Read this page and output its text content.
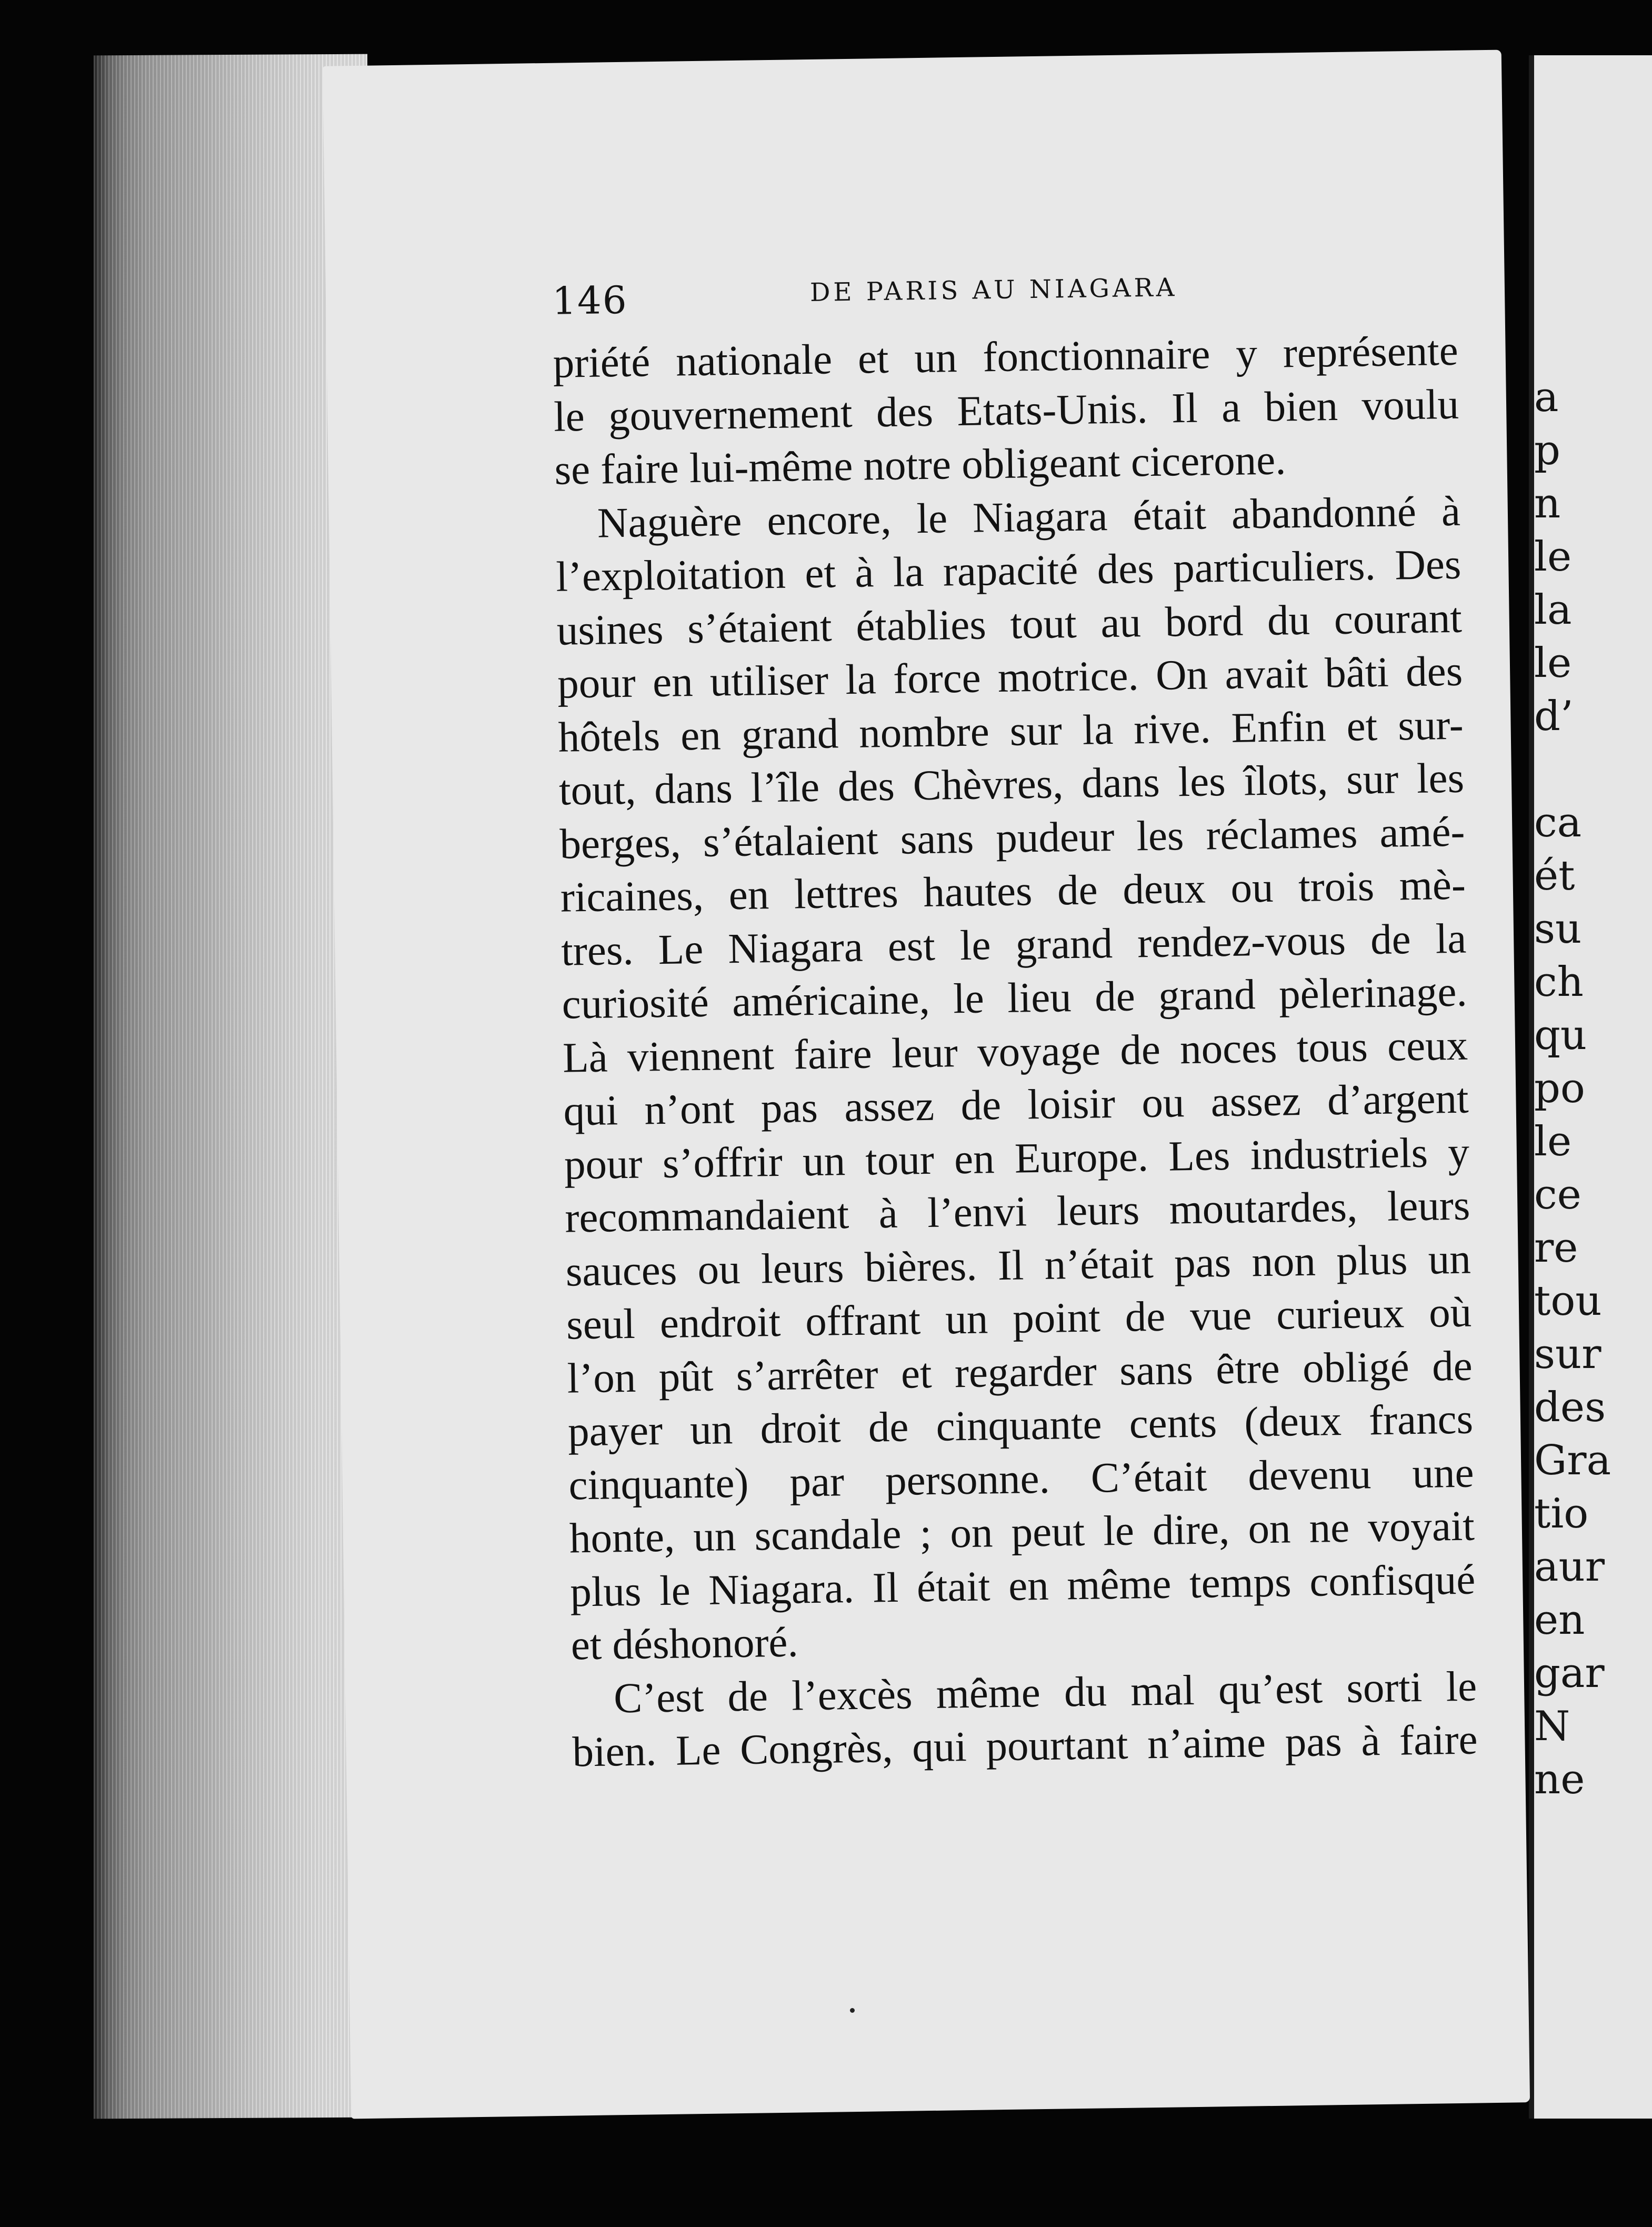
a
p
n
le
la
le
d’
ca
ét
su
ch
qu
po
le
ce
re
tou
sur
des
Gra
tio
aur
en
gar
N
ne
146	DE PARIS AU NIAGARA
priété nationale et un fonctionnaire y représente
le gouvernement des Etats-Unis. Il a bien voulu
se faire lui-même notre obligeant cicerone.
Naguère encore, le Niagara était abandonné à
l’exploitation et à la rapacité des particuliers. Des
usines s’étaient établies tout au bord du courant
pour en utiliser la force motrice. On avait bâti des
hôtels en grand nombre sur la rive. Enfin et sur-
tout, dans l’île des Chèvres, dans les îlots, sur les
berges, s’étalaient sans pudeur les réclames amé-
ricaines, en lettres hautes de deux ou trois mè-
tres. Le Niagara est le grand rendez-vous de la
curiosité américaine, le lieu de grand pèlerinage.
Là viennent faire leur voyage de noces tous ceux
qui n’ont pas assez de loisir ou assez d’argent
pour s’offrir un tour en Europe. Les industriels y
recommandaient à l’envi leurs moutardes, leurs
sauces ou leurs bières. Il n’était pas non plus un
seul endroit offrant un point de vue curieux où
l’on pût s’arrêter et regarder sans être obligé de
payer un droit de cinquante cents (deux francs
cinquante) par personne. C’était devenu une
honte, un scandale ; on peut le dire, on ne voyait
plus le Niagara. Il était en même temps confisqué
et déshonoré.
C’est de l’excès même du mal qu’est sorti le
bien. Le Congrès, qui pourtant n’aime pas à faire
